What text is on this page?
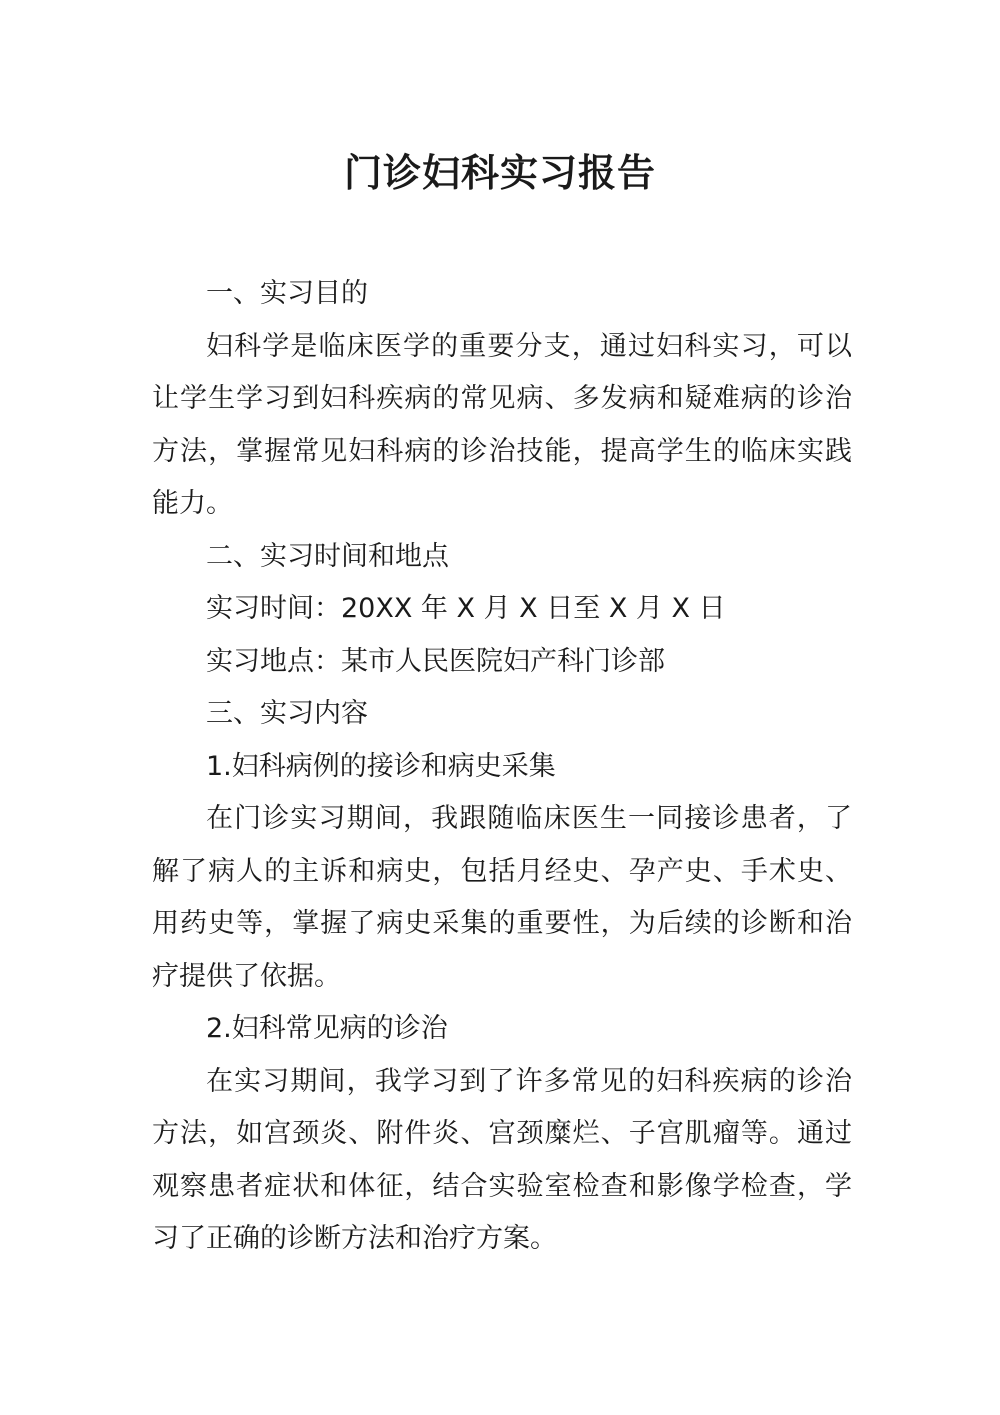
门诊妇科实习报告

一、实习目的

妇科学是临床医学的重要分支，通过妇科实习，可以让学生学习到妇科疾病的常见病、多发病和疑难病的诊治方法，掌握常见妇科病的诊治技能，提高学生的临床实践能力。

二、实习时间和地点

实习时间：20XX 年 X 月 X 日至 X 月 X 日

实习地点：某市人民医院妇产科门诊部

三、实习内容

1.妇科病例的接诊和病史采集

在门诊实习期间，我跟随临床医生一同接诊患者，了解了病人的主诉和病史，包括月经史、孕产史、手术史、用药史等，掌握了病史采集的重要性，为后续的诊断和治疗提供了依据。

2.妇科常见病的诊治

在实习期间，我学习到了许多常见的妇科疾病的诊治方法，如宫颈炎、附件炎、宫颈糜烂、子宫肌瘤等。通过观察患者症状和体征，结合实验室检查和影像学检查，学习了正确的诊断方法和治疗方案。
